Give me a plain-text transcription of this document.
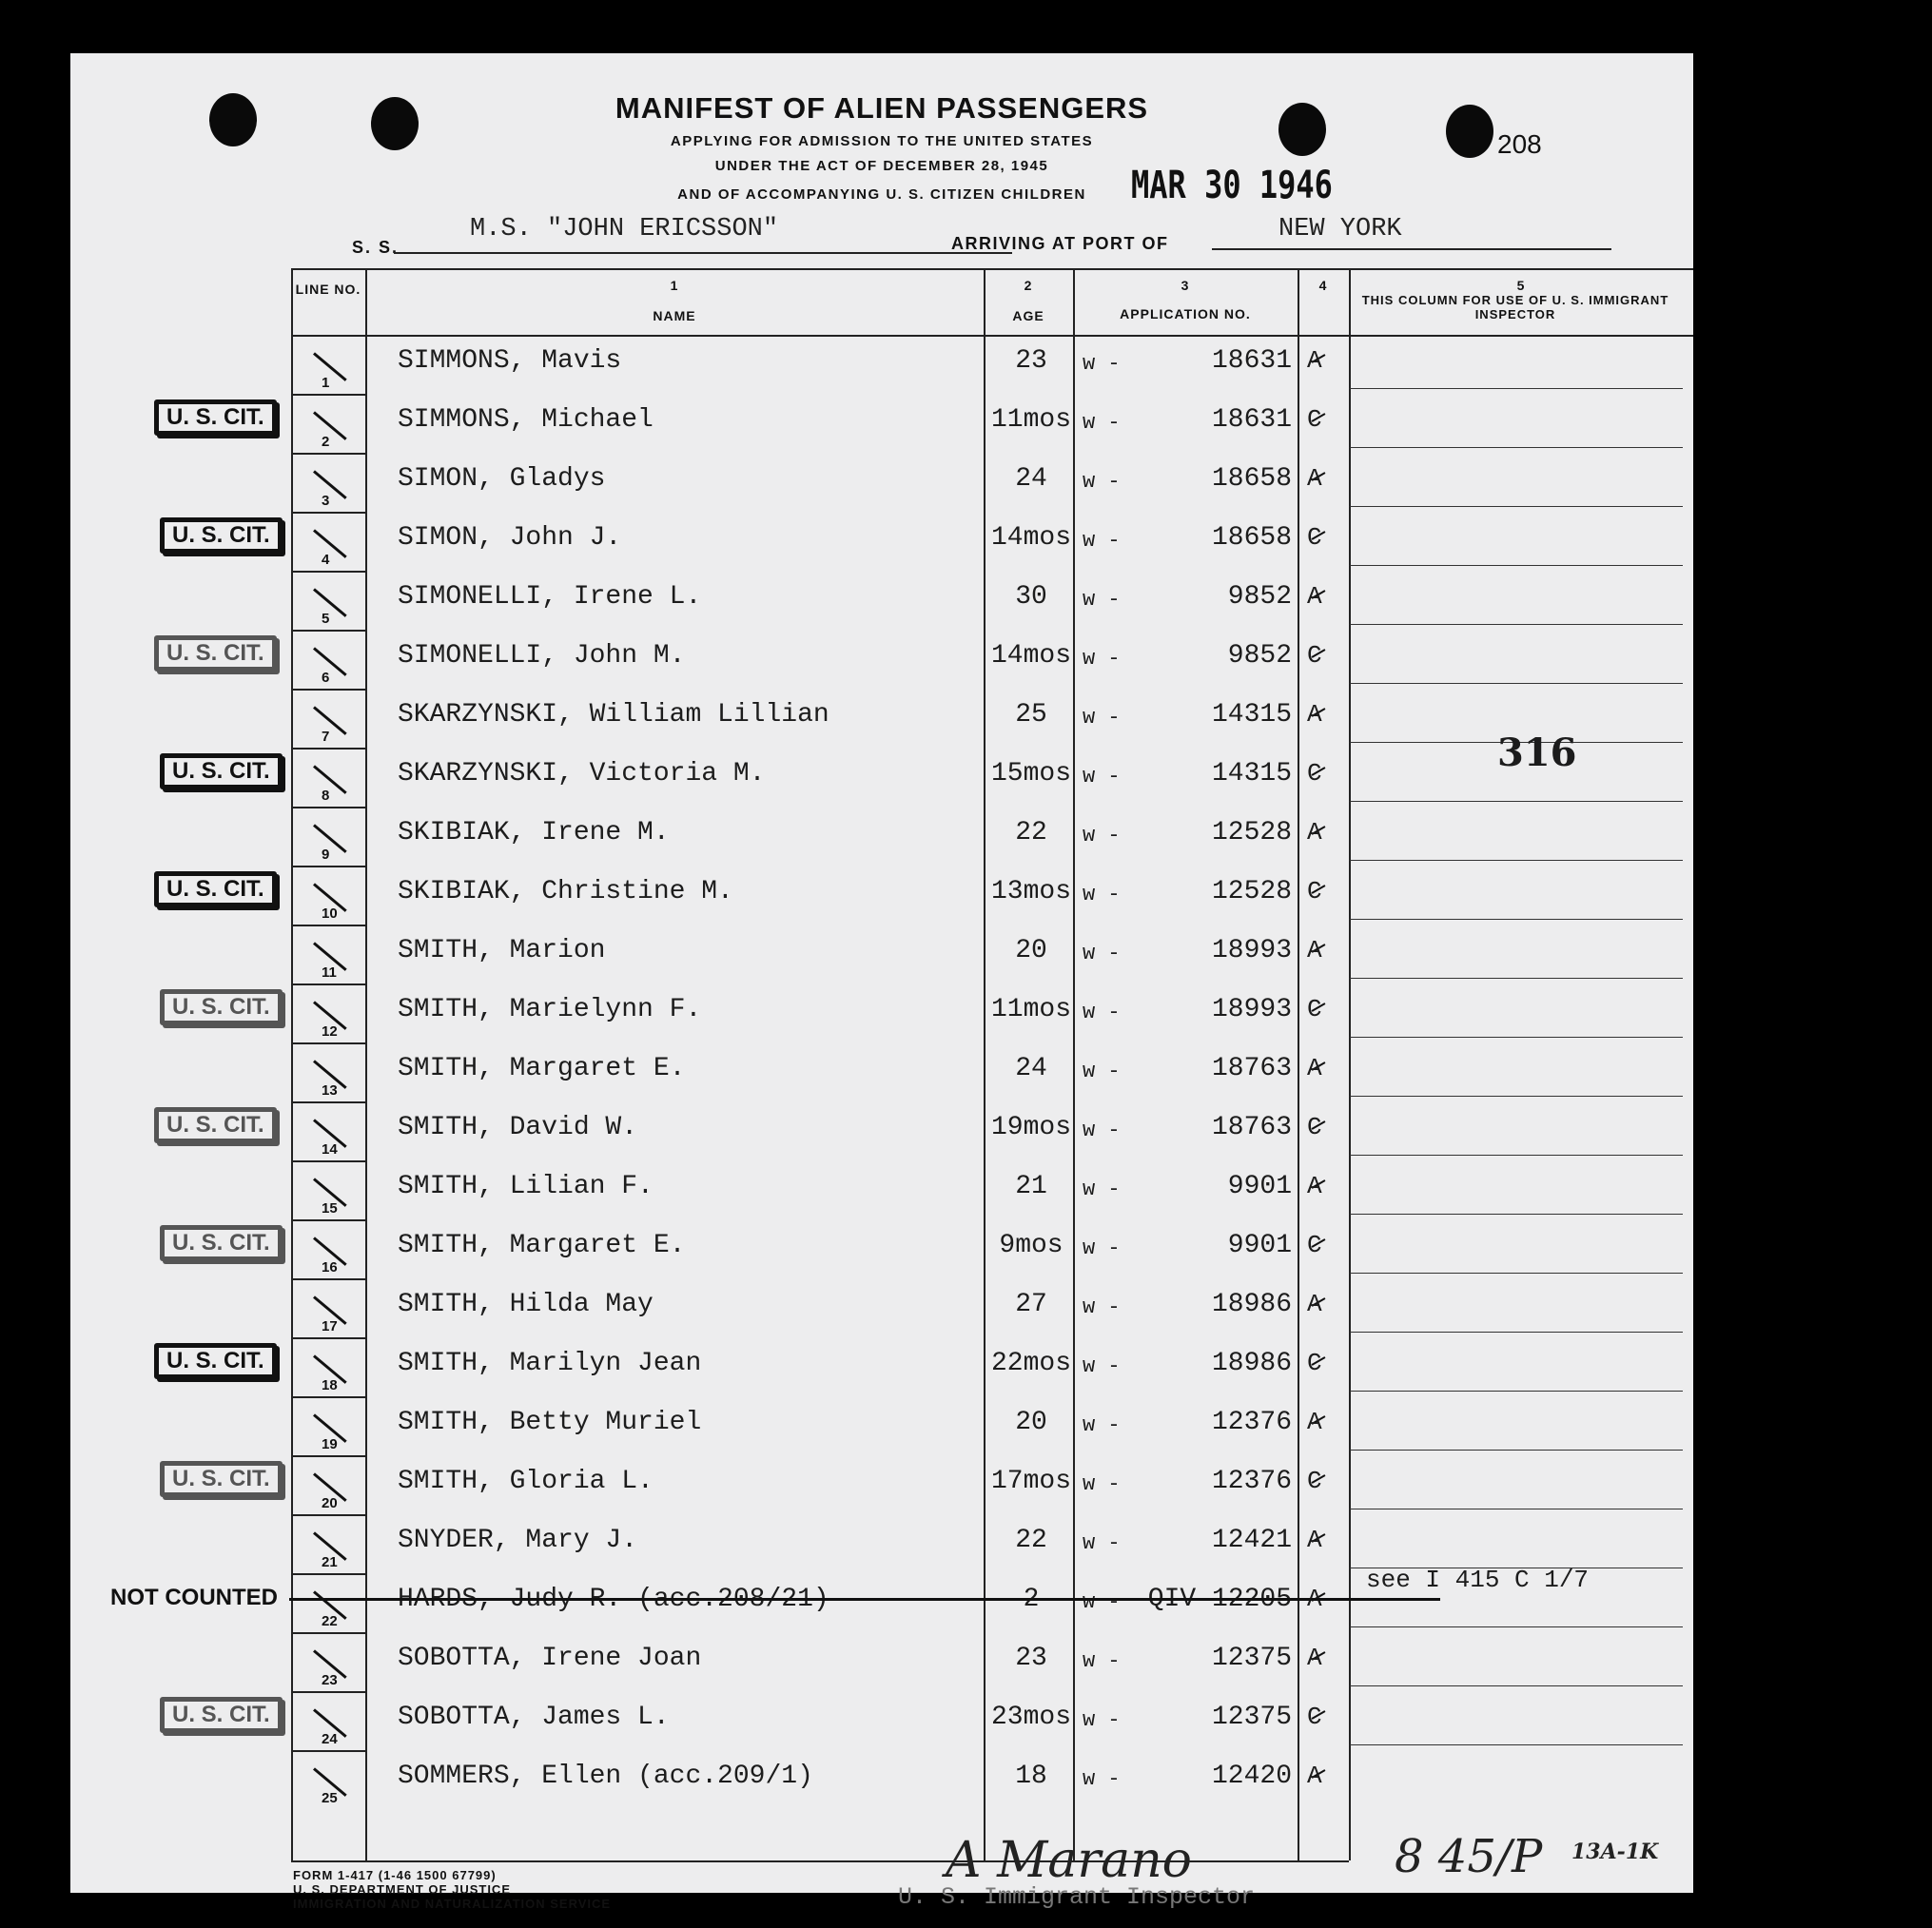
MANIFEST OF ALIEN PASSENGERS
APPLYING FOR ADMISSION TO THE UNITED STATES
UNDER THE ACT OF DECEMBER 28, 1945
AND OF ACCOMPANYING U. S. CITIZEN CHILDREN
208
MAR 30 1946
S. S.
M.S. "JOHN ERICSSON"	ARRIVING AT PORT OF	NEW YORK
LINE NO.	1
NAME
2
AGE
3
APPLICATION NO.
4	5
THIS COLUMN FOR USE OF U. S. IMMIGRANT INSPECTOR
1
SIMMONS, Mavis	23	w -	18631 A
2
SIMMONS, Michael	11mos w -	18631 C
U. S. CIT.
3
SIMON, Gladys	24	w -	18658 A
4
SIMON, John J.	14mos w -	18658 C
U. S. CIT.
5
SIMONELLI, Irene L.	30	w -	9852 A
6
SIMONELLI, John M.	14mos w -	9852 C
U. S. CIT.
7
SKARZYNSKI, William Lillian	25	w -	14315 A
8
SKARZYNSKI, Victoria M.	15mos w -	14315 C
U. S. CIT.
9
SKIBIAK, Irene M.	22	w -	12528 A
10
SKIBIAK, Christine M.	13mos w -	12528 C
U. S. CIT.
11
SMITH, Marion	20	w -	18993 A
12
SMITH, Marielynn F.	11mos w -	18993 C
U. S. CIT.
13
SMITH, Margaret E.	24	w -	18763 A
14
SMITH, David W.	19mos w -	18763 C
U. S. CIT.
15
SMITH, Lilian F.	21	w -	9901 A
16
SMITH, Margaret E.	9mos w -	9901 C
U. S. CIT.
17
SMITH, Hilda May	27	w -	18986 A
18
SMITH, Marilyn Jean	22mos w -	18986 C
U. S. CIT.
19
SMITH, Betty Muriel	20	w -	12376 A
20
SMITH, Gloria L.	17mos w -	12376 C
U. S. CIT.
21
SNYDER, Mary J.	22	w -	12421 A
22
HARDS, Judy R. (acc.208/21)	2	w -	QIV 12205 A
23
SOBOTTA, Irene Joan	23	w -	12375 A
24
SOBOTTA, James L.	23mos w -	12375 C
U. S. CIT.
25
SOMMERS, Ellen (acc.209/1)	18	w -	12420 A
316
see I 415 C 1/7
NOT COUNTED
FORM 1-417 (1-46 1500 67799)
U. S. DEPARTMENT OF JUSTICE
IMMIGRATION AND NATURALIZATION SERVICE	U. S. Immigrant Inspector
A Marano	8 45/P 13A-1K
